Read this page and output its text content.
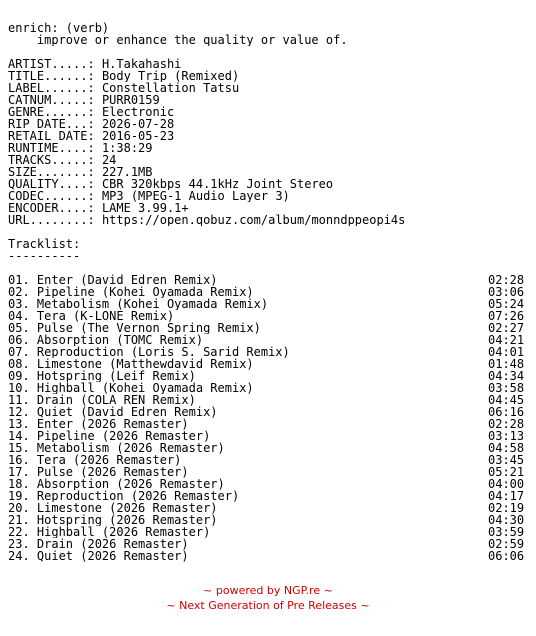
enrich: (verb)
improve or enhance the quality or value of.
ARTIST.....: H.Takahashi
TITLE......: Body Trip (Remixed)
LABEL......: Constellation Tatsu
CATNUM.....: PURR0159
GENRE......: Electronic
RIP DATE...: 2026-07-28
RETAIL DATE: 2016-05-23
RUNTIME....: 1:38:29
TRACKS.....: 24
SIZE.......: 227.1MB
QUALITY....: CBR 320kbps 44.1kHz Joint Stereo
CODEC......: MP3 (MPEG-1 Audio Layer 3)
ENCODER....: LAME 3.99.1+
URL........: https://open.qobuz.com/album/monndppeopi4s
Tracklist:
----------
01. Enter (David Edren Remix)	02:28
02. Pipeline (Kohei Oyamada Remix)	03:06
03. Metabolism (Kohei Oyamada Remix)	05:24
04. Tera (K-LONE Remix)	07:26
05. Pulse (The Vernon Spring Remix)	02:27
06. Absorption (TOMC Remix)	04:21
07. Reproduction (Loris S. Sarid Remix)	04:01
08. Limestone (Matthewdavid Remix)	01:48
09. Hotspring (Leif Remix)	04:34
10. Highball (Kohei Oyamada Remix)	03:58
11. Drain (COLA REN Remix)	04:45
12. Quiet (David Edren Remix)	06:16
13. Enter (2026 Remaster)	02:28
14. Pipeline (2026 Remaster)	03:13
15. Metabolism (2026 Remaster)	04:58
16. Tera (2026 Remaster)	03:45
17. Pulse (2026 Remaster)	05:21
18. Absorption (2026 Remaster)	04:00
19. Reproduction (2026 Remaster)	04:17
20. Limestone (2026 Remaster)	02:19
21. Hotspring (2026 Remaster)	04:30
22. Highball (2026 Remaster)	03:59
23. Drain (2026 Remaster)	02:59
24. Quiet (2026 Remaster)	06:06
~ powered by NGP.re ~
~ Next Generation of Pre Releases ~
